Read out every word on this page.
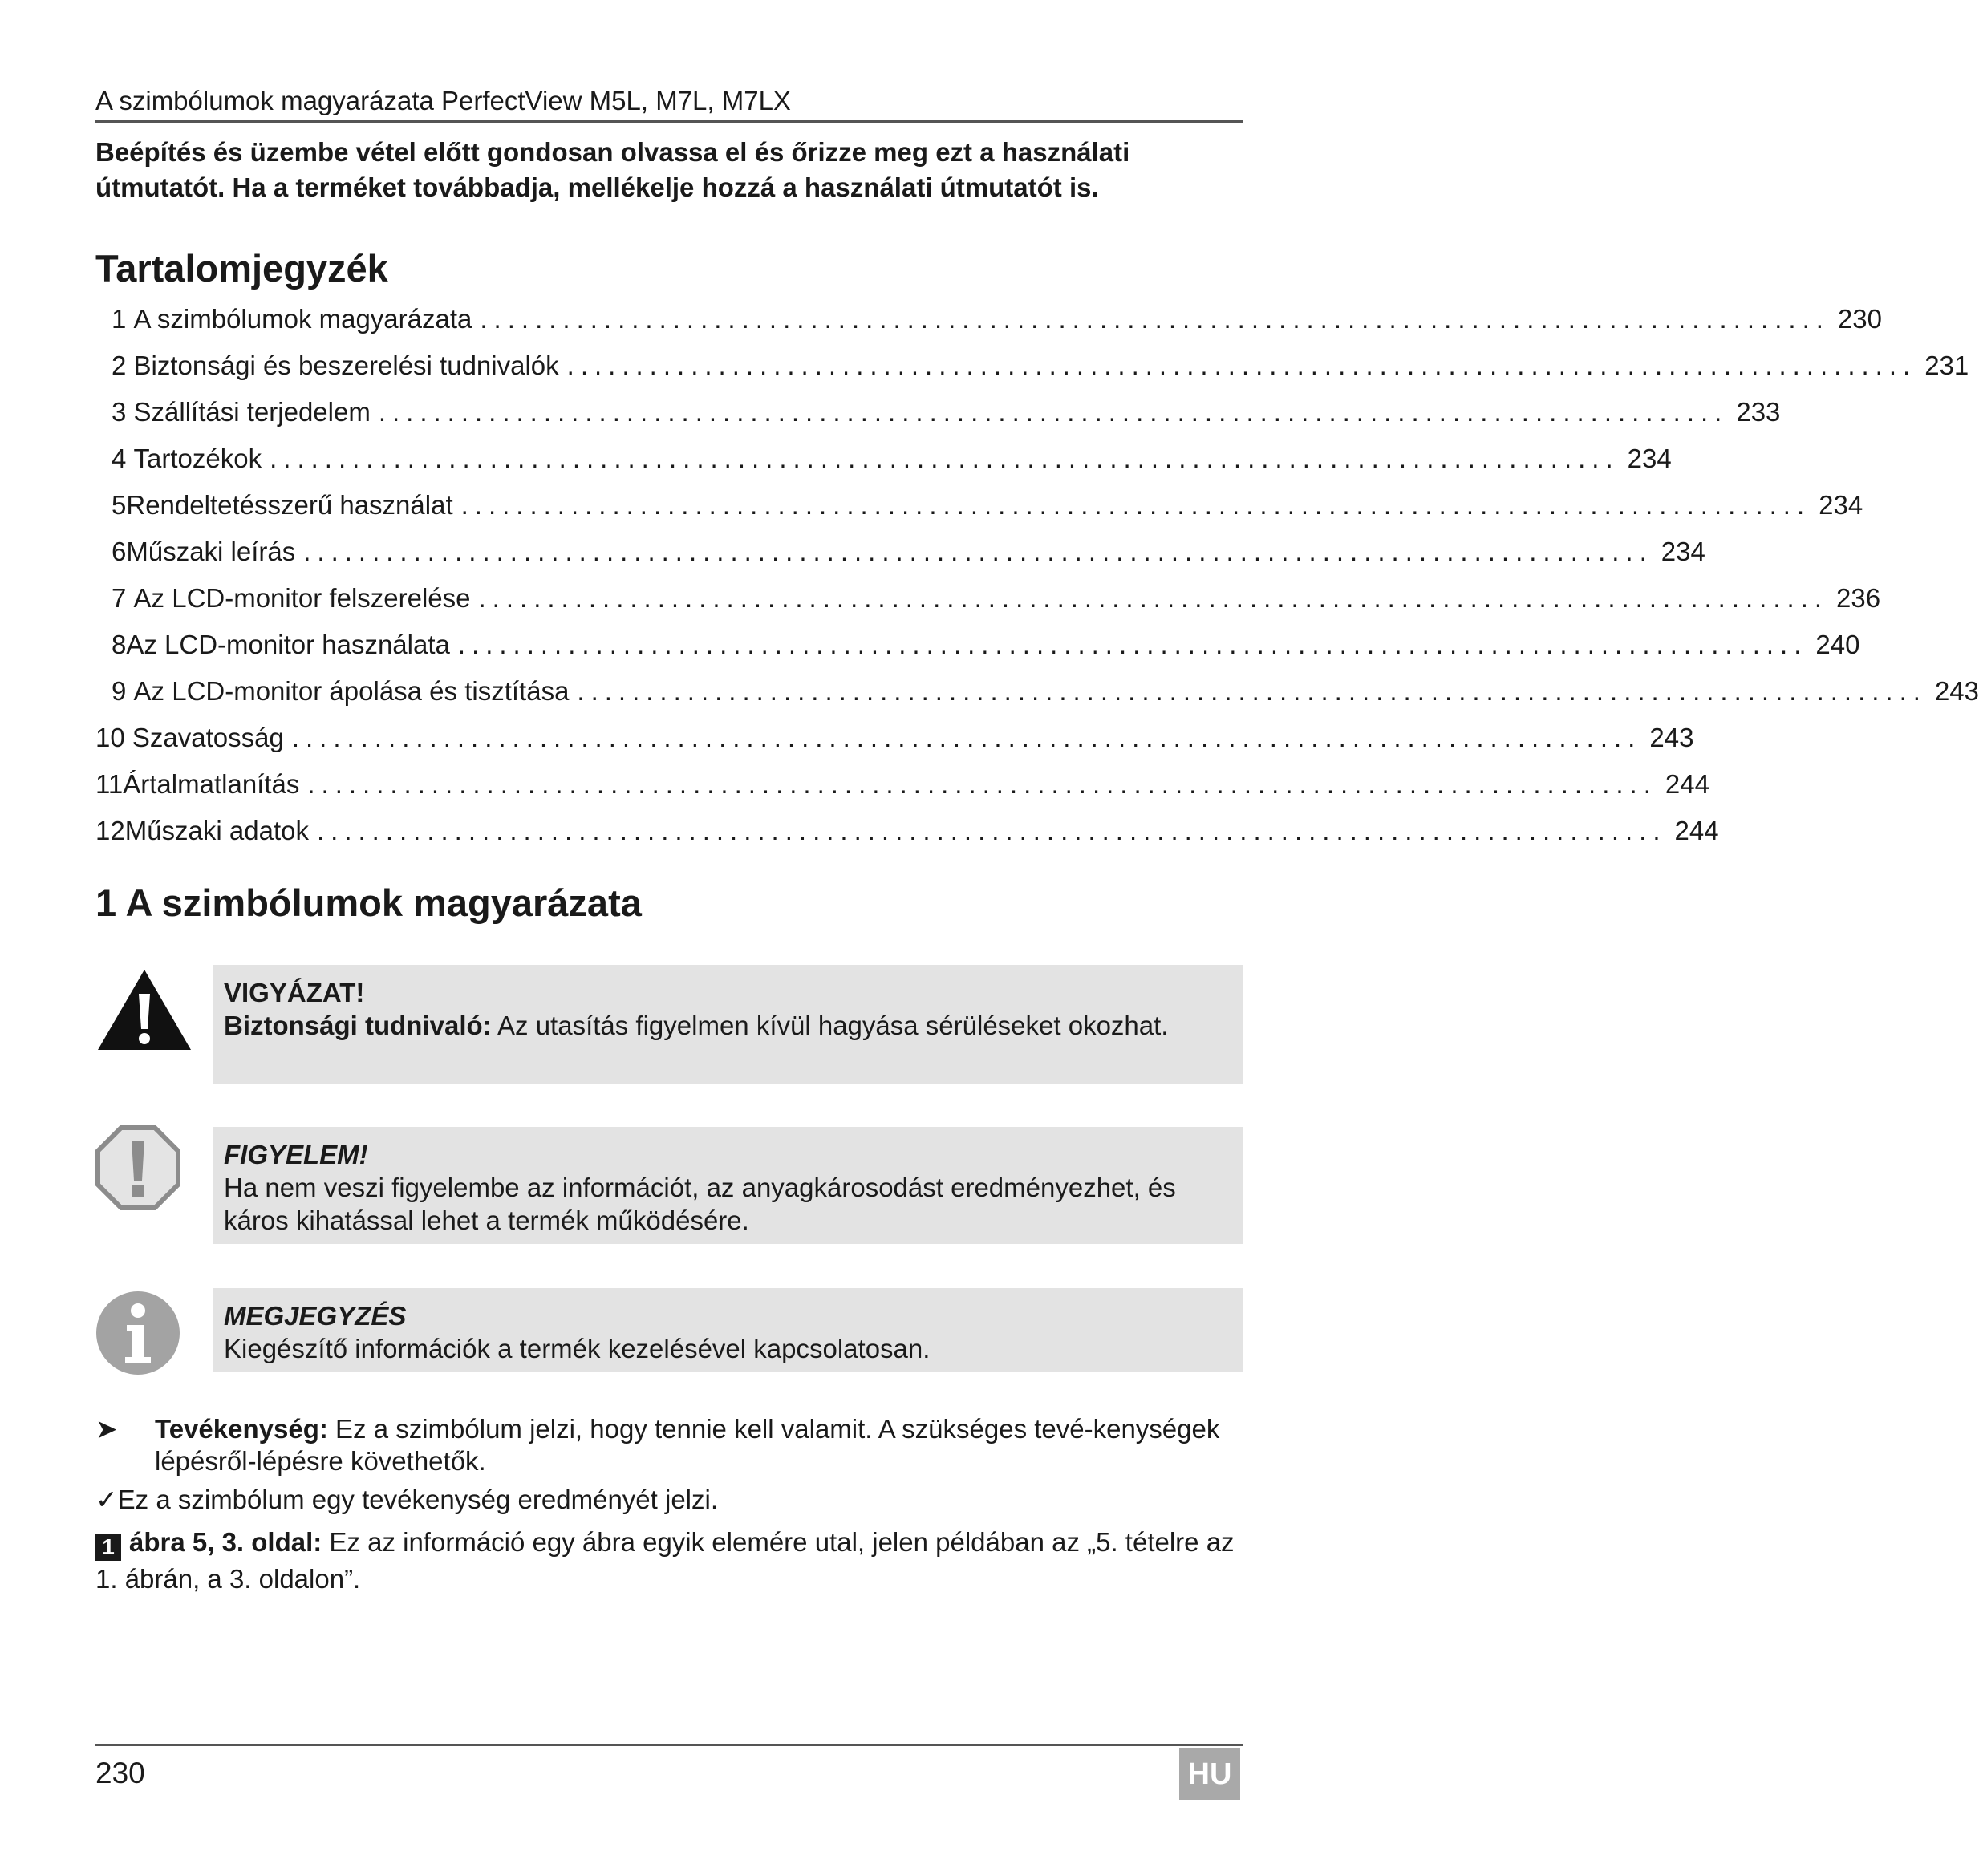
A szimbólumok magyarázata PerfectView M5L, M7L, M7LX
Beépítés és üzembe vétel előtt gondosan olvassa el és őrizze meg ezt a használati útmutatót. Ha a terméket továbbadja, mellékelje hozzá a használati útmutatót is.
Tartalomjegyzék
1
A szimbólumok magyarázata .................................................................................................. 230
2
Biztonsági és beszerelési tudnivalók .................................................................................................. 231
3
Szállítási terjedelem .................................................................................................. 233
4
Tartozékok .................................................................................................. 234
5 Rendeltetésszerű használat .................................................................................................. 234
6 Műszaki leírás .................................................................................................. 234
7
Az LCD-monitor felszerelése .................................................................................................. 236
8 Az LCD-monitor használata .................................................................................................. 240
9
Az LCD-monitor ápolása és tisztítása .................................................................................................. 243
10
Szavatosság .................................................................................................. 243
11 Ártalmatlanítás .................................................................................................. 244
12 Műszaki adatok .................................................................................................. 244
1 A szimbólumok magyarázata
VIGYÁZAT!
Biztonsági tudnivaló: Az utasítás figyelmen kívül hagyása sérüléseket okozhat.
FIGYELEM!
Ha nem veszi figyelembe az információt, az anyagkárosodást eredményezhet, és káros kihatással lehet a termék működésére.
MEGJEGYZÉS
Kiegészítő információk a termék kezelésével kapcsolatosan.
➤ Tevékenység: Ez a szimbólum jelzi, hogy tennie kell valamit. A szükséges tevé-kenységek lépésről-lépésre követhetők.
✓Ez a szimbólum egy tevékenység eredményét jelzi.
1 ábra 5, 3. oldal: Ez az információ egy ábra egyik elemére utal, jelen példában az „5. tételre az 1. ábrán, a 3. oldalon”.
230	HU
